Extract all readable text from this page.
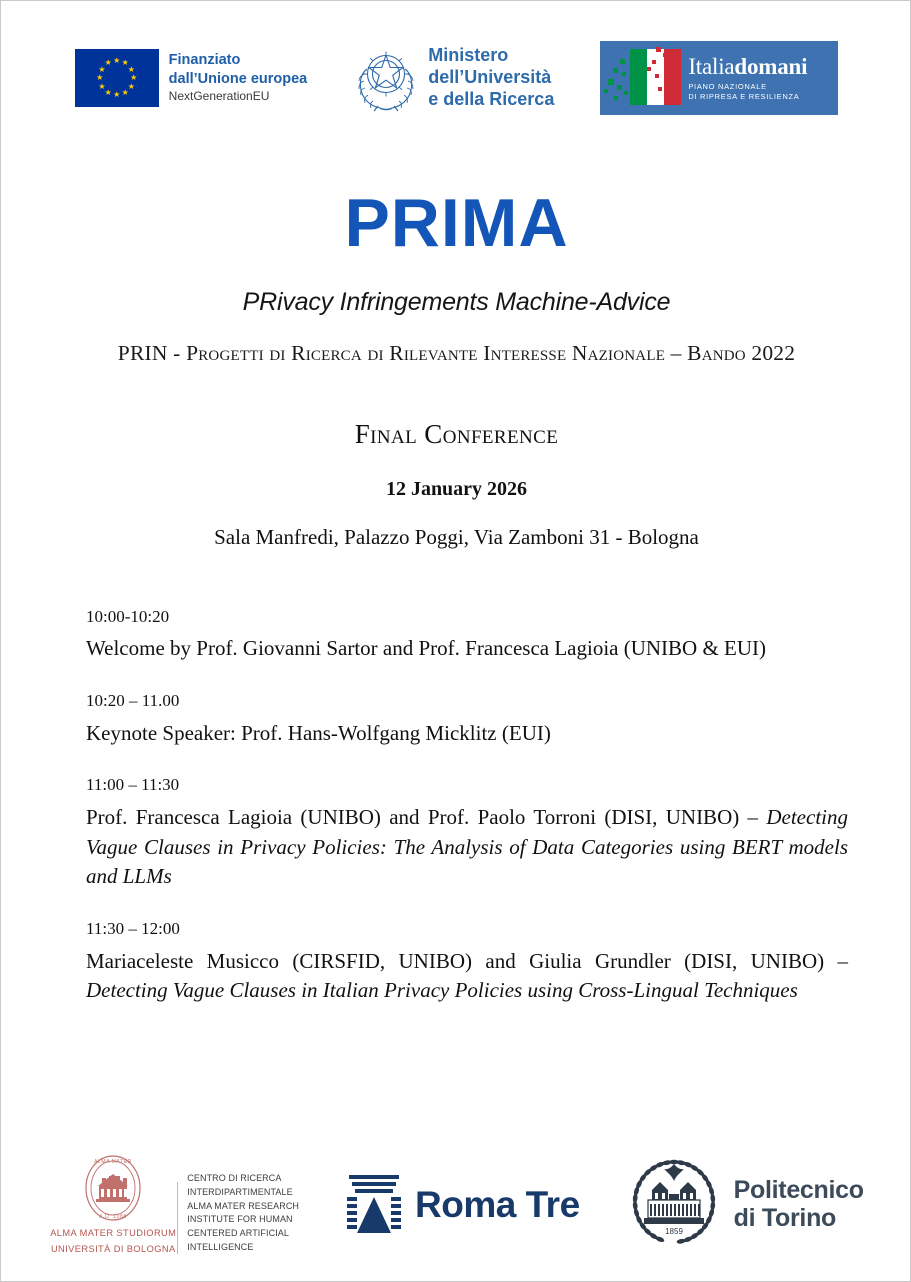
★ ★
★
★
★
★
★
★
★
★
★
★	Finanziato
dall’Unione europea
NextGenerationEU
Ministero
dell’Università
e della Ricerca
Italiadomani
PIANO NAZIONALE
DI RIPRESA E RESILIENZA
PRIMA
PRivacy Infringements Machine-Advice
PRIN - Progetti di Ricerca di Rilevante Interesse Nazionale – Bando 2022
Final Conference
12 January 2026
Sala Manfredi, Palazzo Poggi, Via Zamboni 31 - Bologna
10:00-10:20
Welcome by Prof. Giovanni Sartor and Prof. Francesca Lagioia (UNIBO & EUI)
10:20 – 11.00
Keynote Speaker: Prof. Hans-Wolfgang Micklitz (EUI)
11:00 – 11:30
Prof. Francesca Lagioia (UNIBO) and Prof. Paolo Torroni (DISI, UNIBO) – Detecting Vague Clauses in Privacy Policies: The Analysis of Data Categories using BERT models and LLMs
11:30 – 12:00
Mariaceleste Musicco (CIRSFID, UNIBO) and Giulia Grundler (DISI, UNIBO) – Detecting Vague Clauses in Italian Privacy Policies using Cross-Lingual Techniques
ALMA MATER
A.D. 1088
ALMA MATER STUDIORUM
UNIVERSITÀ DI BOLOGNA
CENTRO DI RICERCA
INTERDIPARTIMENTALE
ALMA MATER RESEARCH
INSTITUTE FOR HUMAN
CENTERED ARTIFICIAL
INTELLIGENCE
Roma Tre
1859
Politecnico
di Torino
